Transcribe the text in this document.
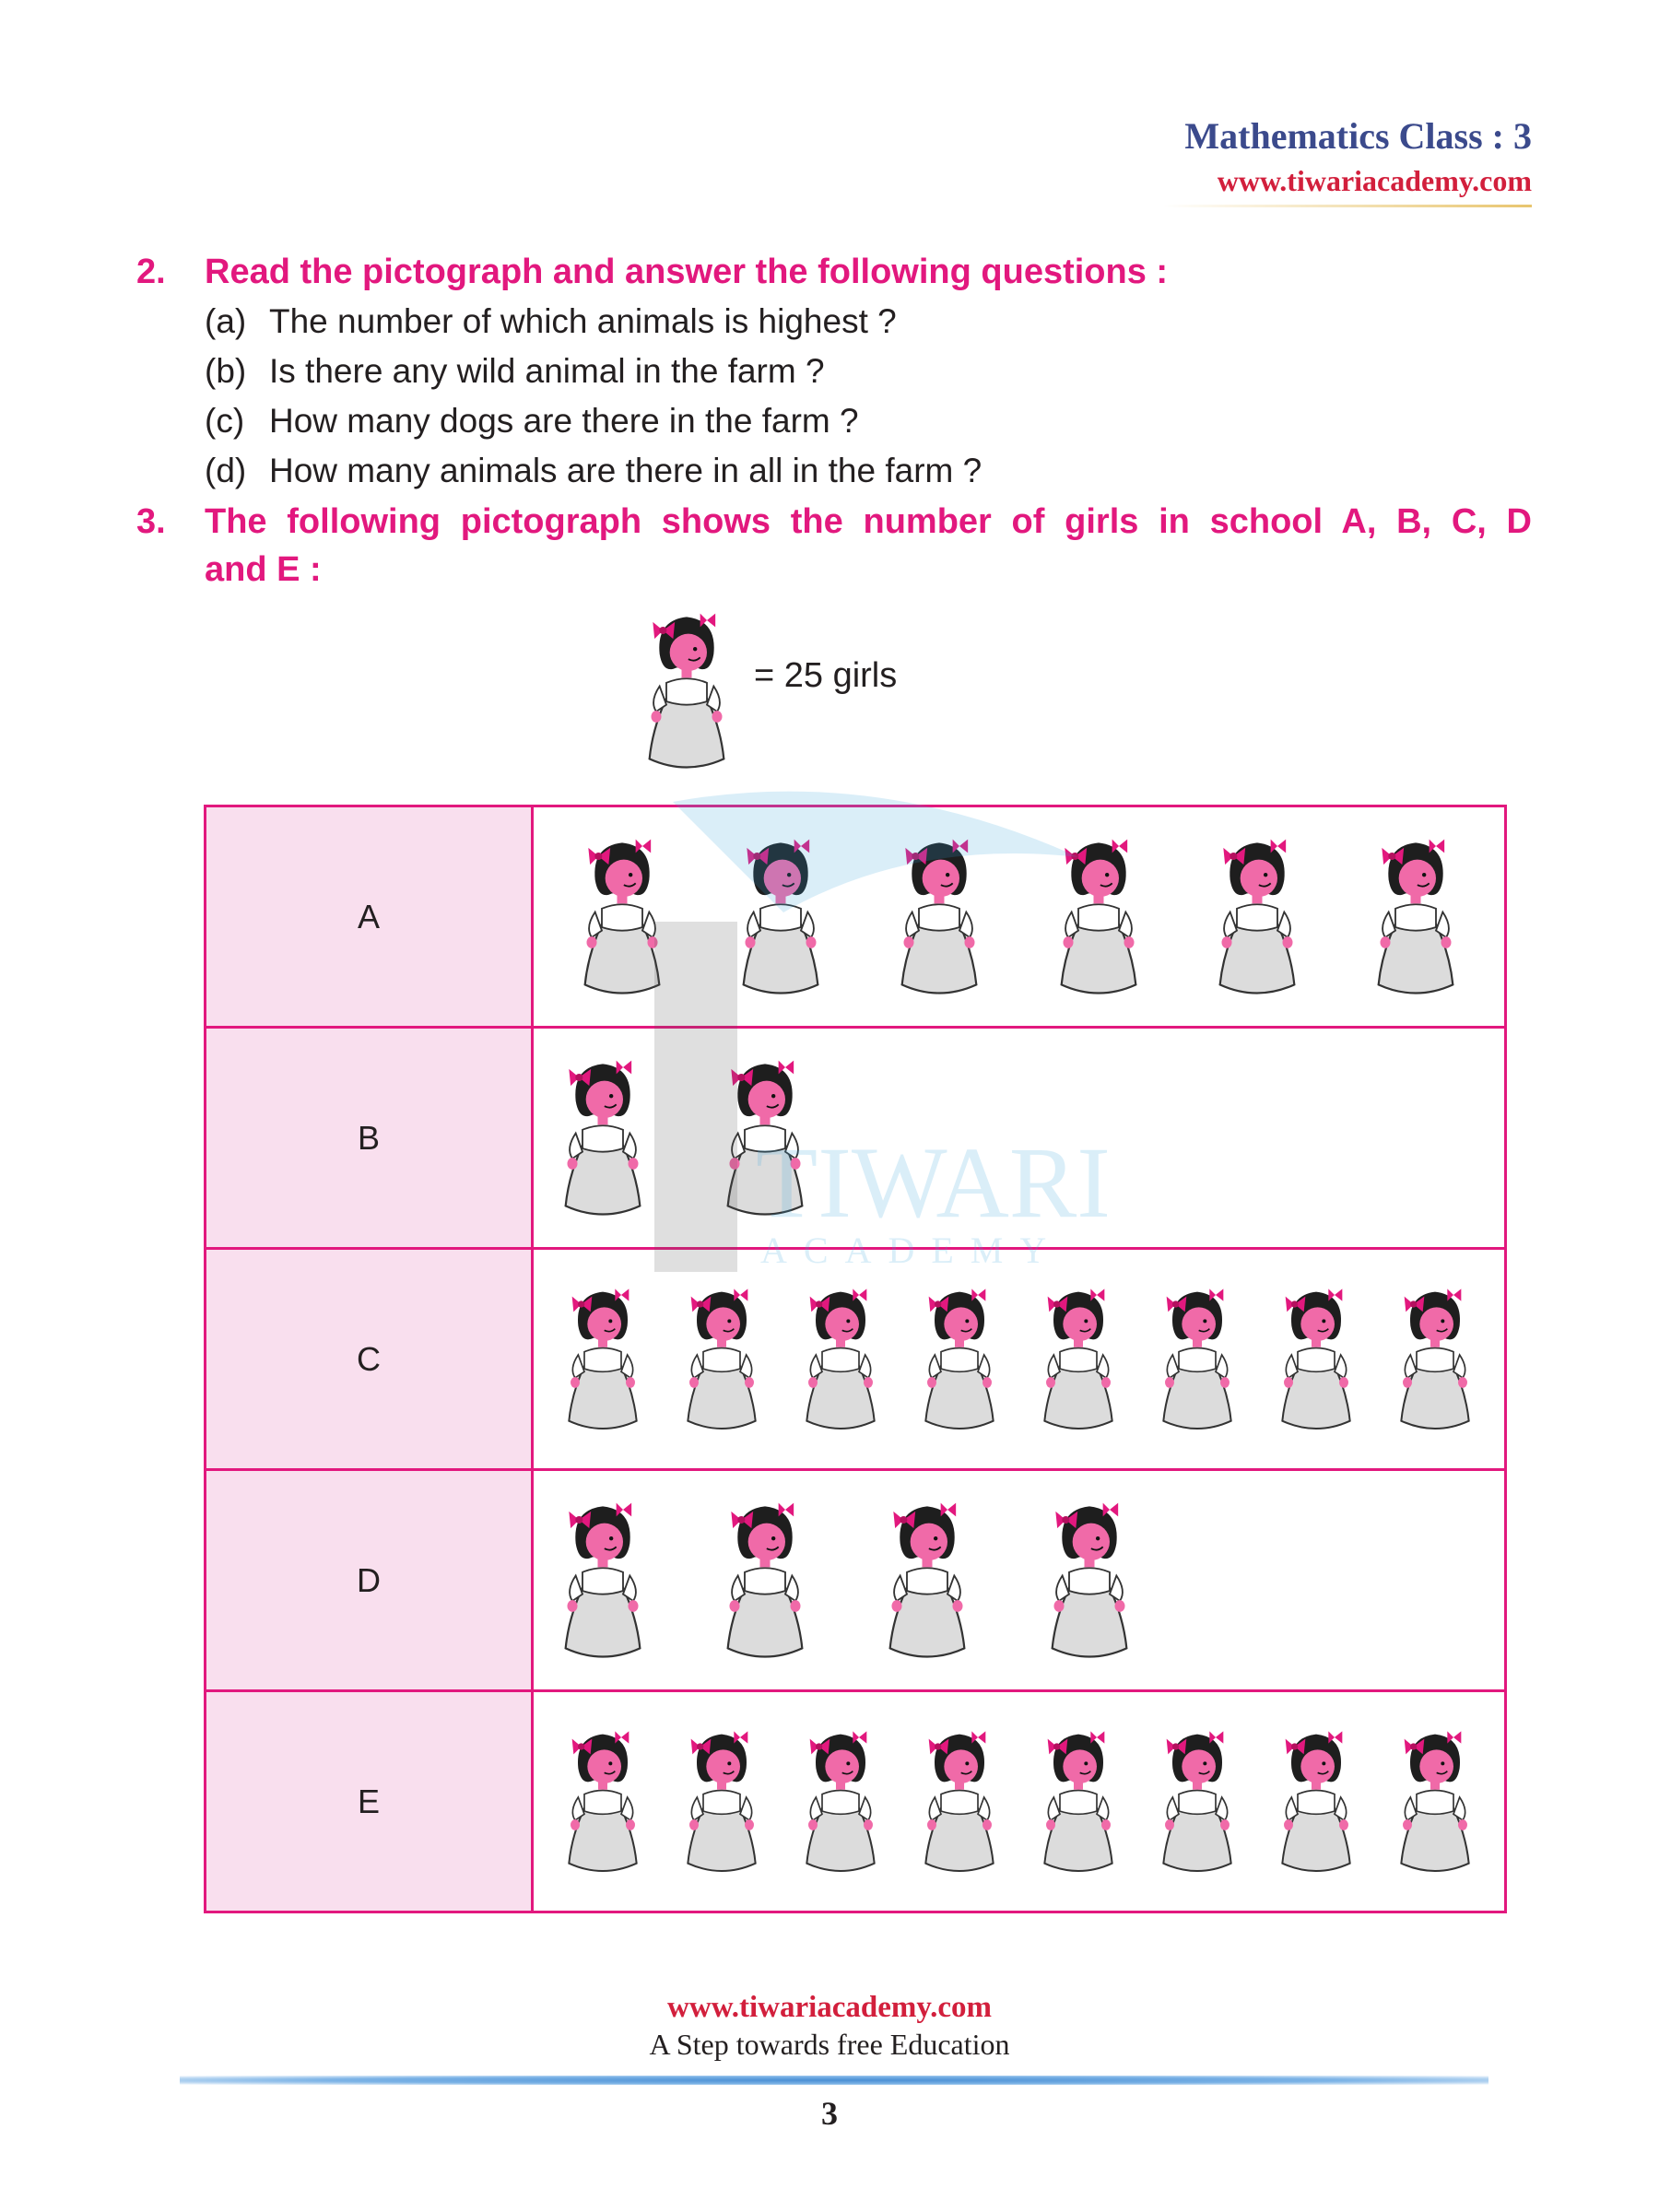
Mathematics Class : 3
www.tiwariacademy.com
2. Read the pictograph and answer the following questions :
(a) The number of which animals is highest ?
(b) Is there any wild animal in the farm ?
(c) How many dogs are there in the farm ?
(d) How many animals are there in all in the farm ?
3. The following pictograph shows the number of girls in school A, B, C, D
and E :
= 25 girls
A	

B	

C	

D	

E	
TIWARI
ACADEMY
www.tiwariacademy.com
A Step towards free Education
3
